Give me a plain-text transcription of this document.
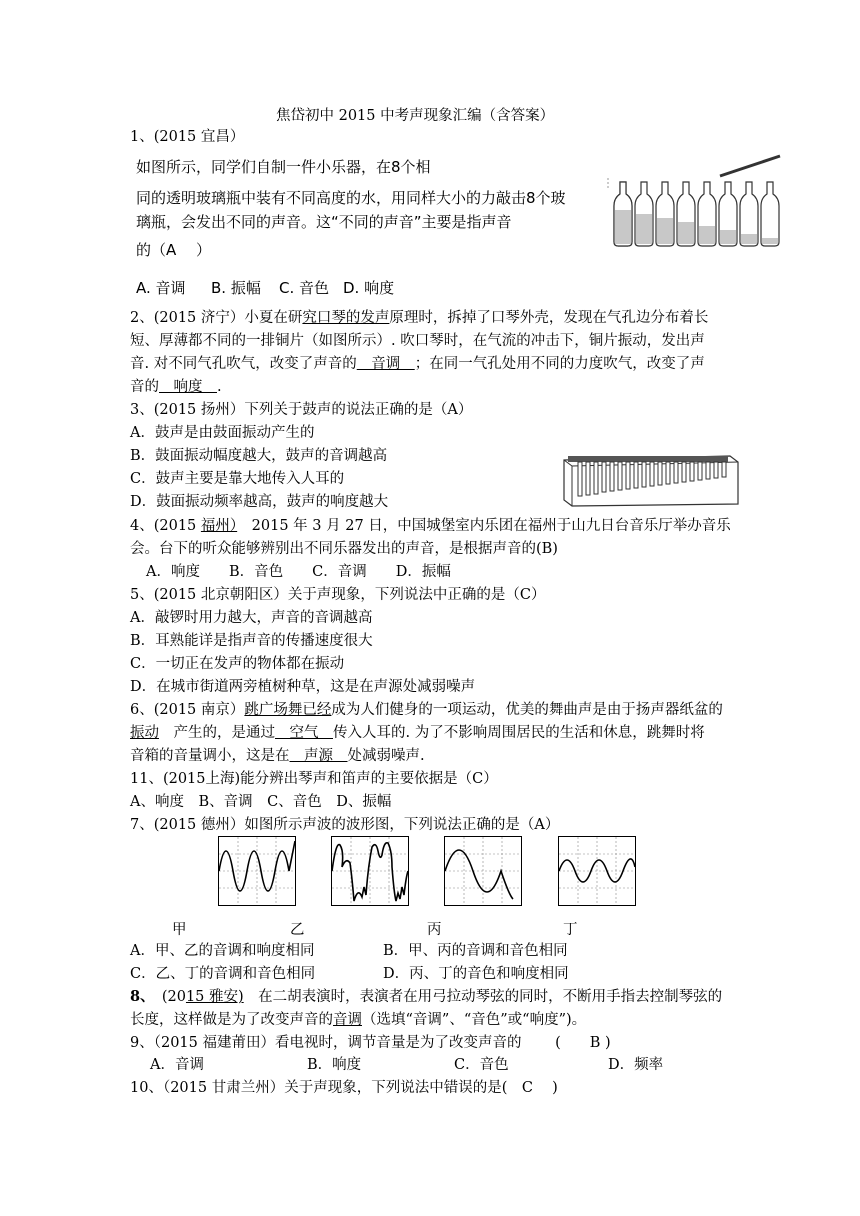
焦岱初中 2015 中考声现象汇编（含答案）
1、(2015 宜昌）
如图所示，同学们自制一件小乐器，在8个相
同的透明玻璃瓶中装有不同高度的水，用同样大小的力敲击8个玻
璃瓶，会发出不同的声音。这“不同的声音”主要是指声音
的（A　 ）
A. 音调 B. 振幅 C. 音色 D. 响度
2、(2015 济宁）小夏在研究口琴的发声原理时，拆掉了口琴外壳，发现在气孔边分布着长
短、厚薄都不同的一排铜片（如图所示）. 吹口琴时，在气流的冲击下，铜片振动，发出声
音. 对不同气孔吹气，改变了声音的　音调　；在同一气孔处用不同的力度吹气，改变了声
音的　响度　.
3、(2015 扬州）下列关于鼓声的说法正确的是（A）
A．鼓声是由鼓面振动产生的
B．鼓面振动幅度越大，鼓声的音调越高
C．鼓声主要是靠大地传入人耳的
D．鼓面振动频率越高，鼓声的响度越大
4、(2015 福州）　2015 年 3 月 27 日，中国城堡室内乐团在福州于山九日台音乐厅举办音乐
会。台下的听众能够辨别出不同乐器发出的声音，是根据声音的(B)
A．响度　　B．音色　　C．音调　　D．振幅
5、(2015 北京朝阳区）关于声现象，下列说法中正确的是（C）
A．敲锣时用力越大，声音的音调越高
B．耳熟能详是指声音的传播速度很大
C．一切正在发声的物体都在振动
D．在城市街道两旁植树种草，这是在声源处减弱噪声
6、(2015 南京）跳广场舞已经成为人们健身的一项运动，优美的舞曲声是由于扬声器纸盆的
振动　产生的，是通过　空气　传入人耳的. 为了不影响周围居民的生活和休息，跳舞时将
音箱的音量调小，这是在　声源　处减弱噪声.
11、(2015上海)能分辨出琴声和笛声的主要依据是（C）
A、响度　B、音调　C、音色　D、振幅
7、(2015 德州）如图所示声波的波形图，下列说法正确的是（A）
甲	乙	丙	丁
A．甲、乙的音调和响度相同	B．甲、丙的音调和音色相同
C．乙、丁的音调和音色相同	D．丙、丁的音色和响度相同
8、　(2015 雅安)　在二胡表演时，表演者在用弓拉动琴弦的同时，不断用手指去控制琴弦的
长度，这样做是为了改变声音的音调（选填“音调”、“音色”或“响度”)。
9、（2015 福建莆田）看电视时，调节音量是为了改变声音的　　 (　　B )
A．音调	B．响度	C．音色	D．频率
10、（2015 甘肃兰州）关于声现象，下列说法中错误的是(　C　 )
